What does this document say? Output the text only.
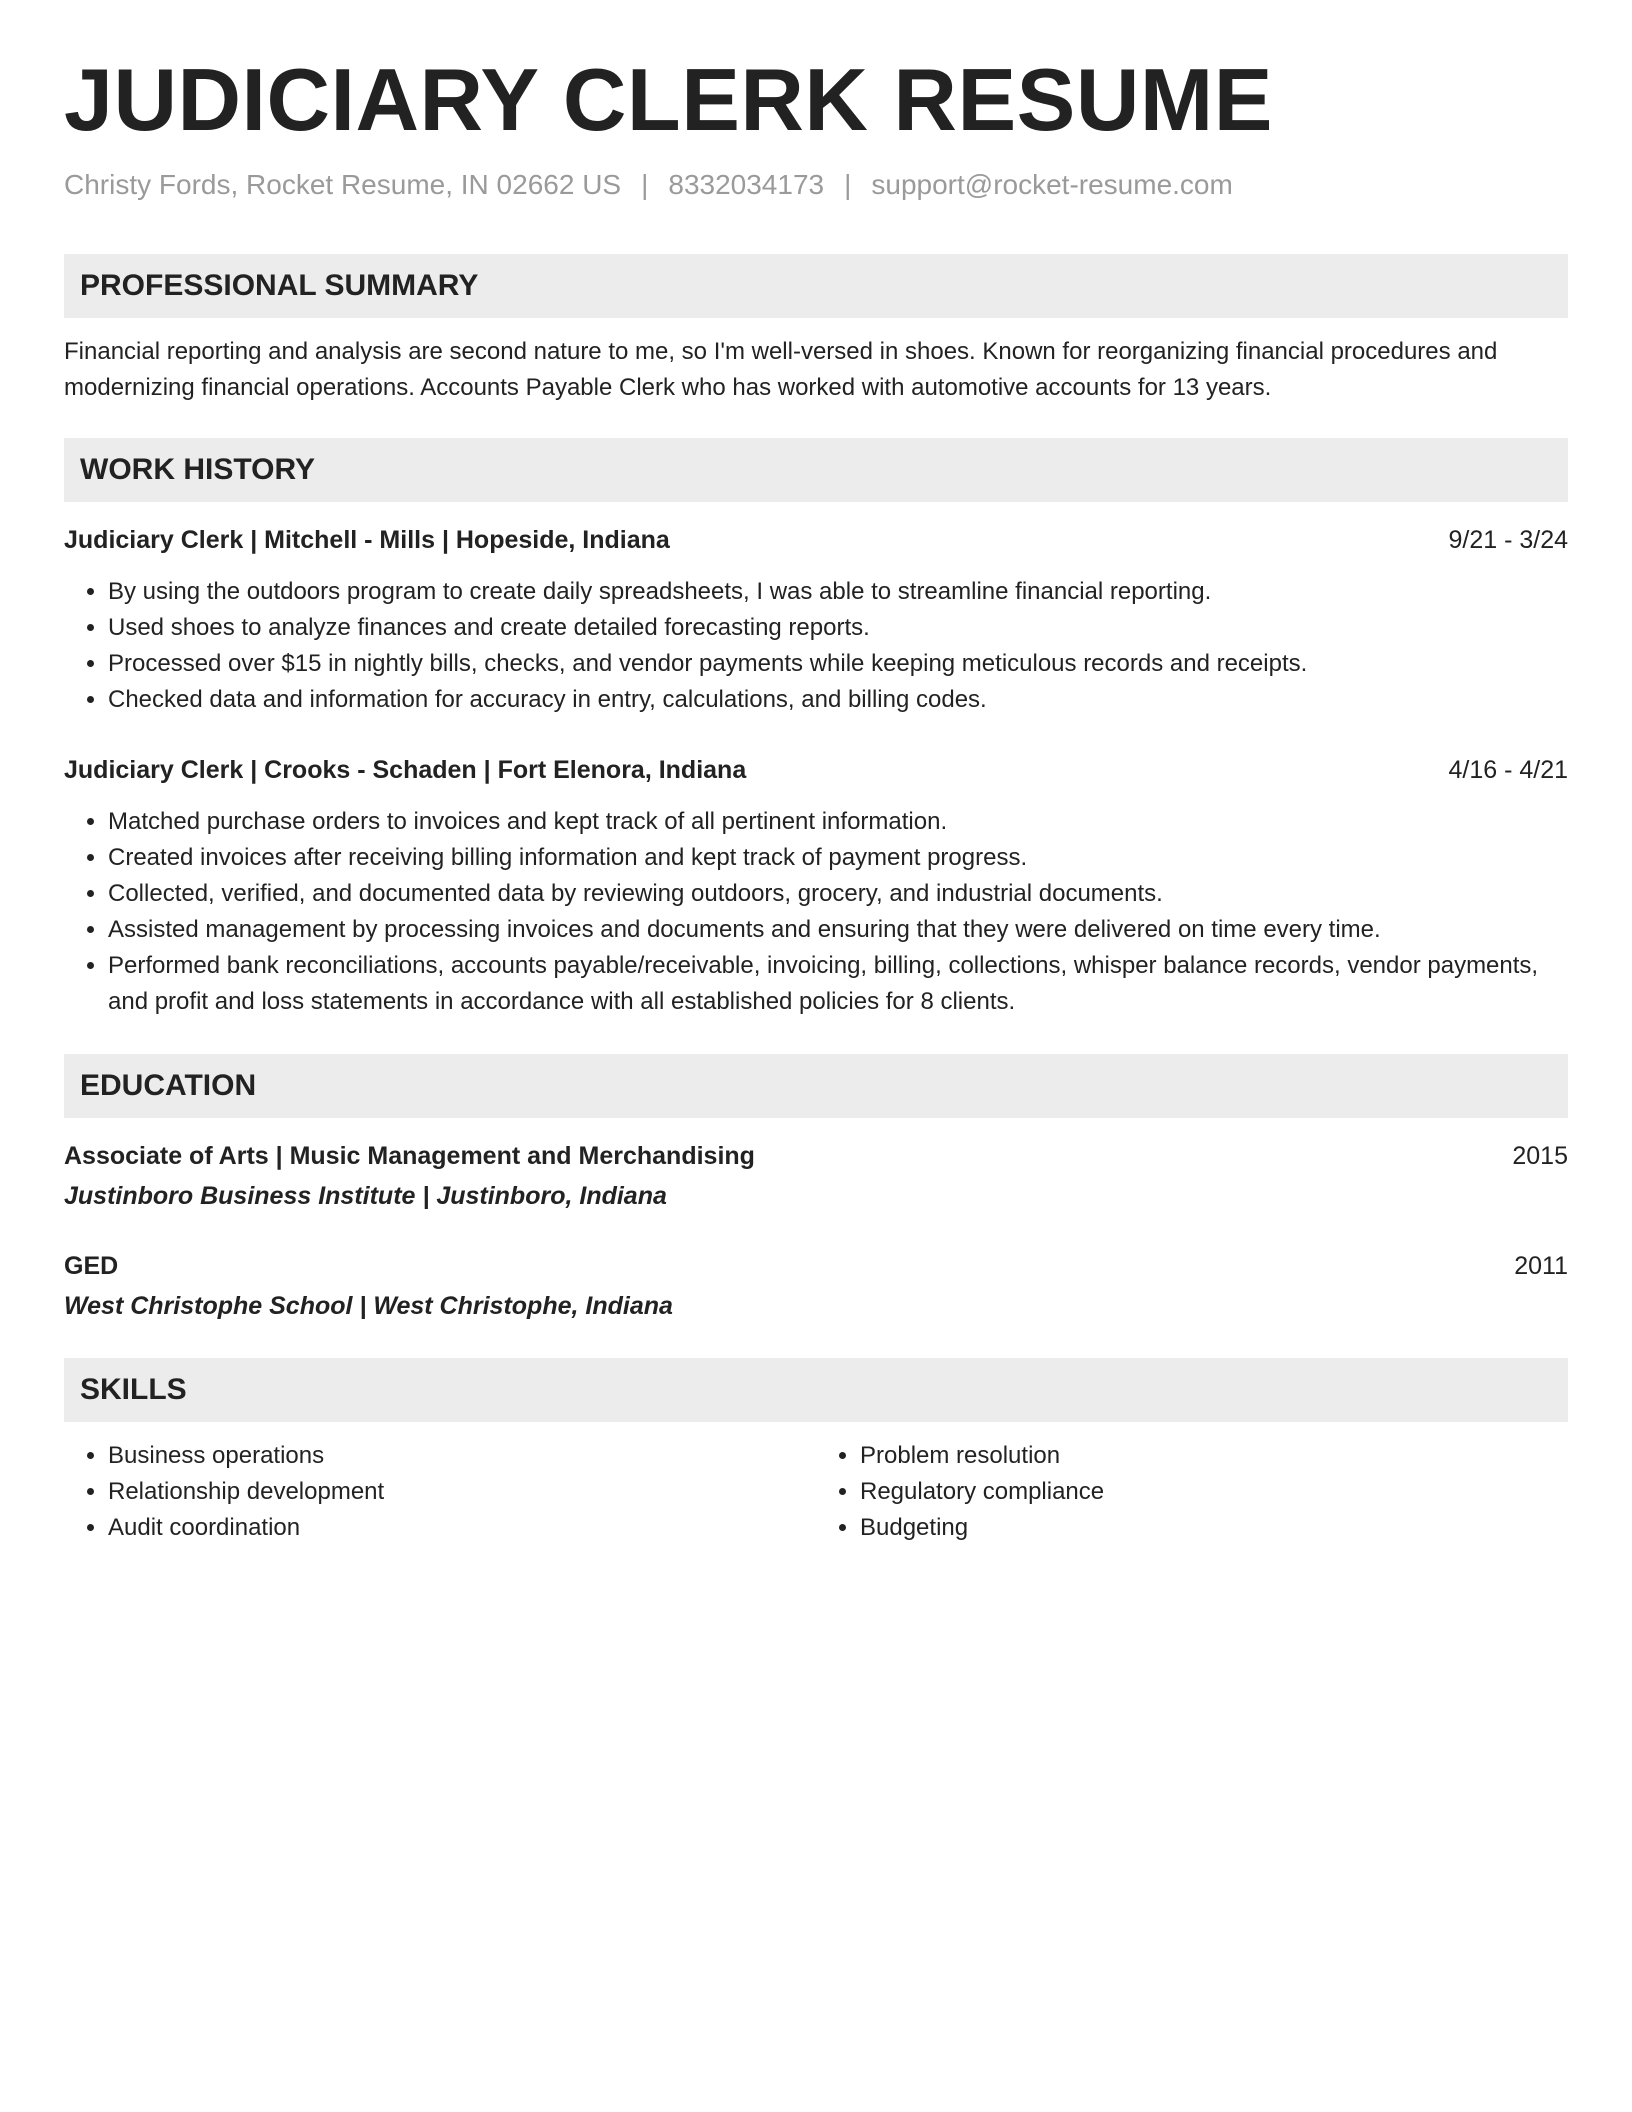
JUDICIARY CLERK RESUME
Christy Fords, Rocket Resume, IN 02662 US | 8332034173 | support@rocket-resume.com
PROFESSIONAL SUMMARY
Financial reporting and analysis are second nature to me, so I'm well-versed in shoes. Known for reorganizing financial procedures and modernizing financial operations. Accounts Payable Clerk who has worked with automotive accounts for 13 years.
WORK HISTORY
Judiciary Clerk | Mitchell - Mills | Hopeside, Indiana	9/21 - 3/24
• By using the outdoors program to create daily spreadsheets, I was able to streamline financial reporting.
• Used shoes to analyze finances and create detailed forecasting reports.
• Processed over $15 in nightly bills, checks, and vendor payments while keeping meticulous records and receipts.
• Checked data and information for accuracy in entry, calculations, and billing codes.
Judiciary Clerk | Crooks - Schaden | Fort Elenora, Indiana	4/16 - 4/21
• Matched purchase orders to invoices and kept track of all pertinent information.
• Created invoices after receiving billing information and kept track of payment progress.
• Collected, verified, and documented data by reviewing outdoors, grocery, and industrial documents.
• Assisted management by processing invoices and documents and ensuring that they were delivered on time every time.
• Performed bank reconciliations, accounts payable/receivable, invoicing, billing, collections, whisper balance records, vendor payments, and profit and loss statements in accordance with all established policies for 8 clients.
EDUCATION
Associate of Arts | Music Management and Merchandising	2015
Justinboro Business Institute | Justinboro, Indiana
GED	2011
West Christophe School | West Christophe, Indiana
SKILLS
• Business operations
• Relationship development
• Audit coordination
• Problem resolution
• Regulatory compliance
• Budgeting
